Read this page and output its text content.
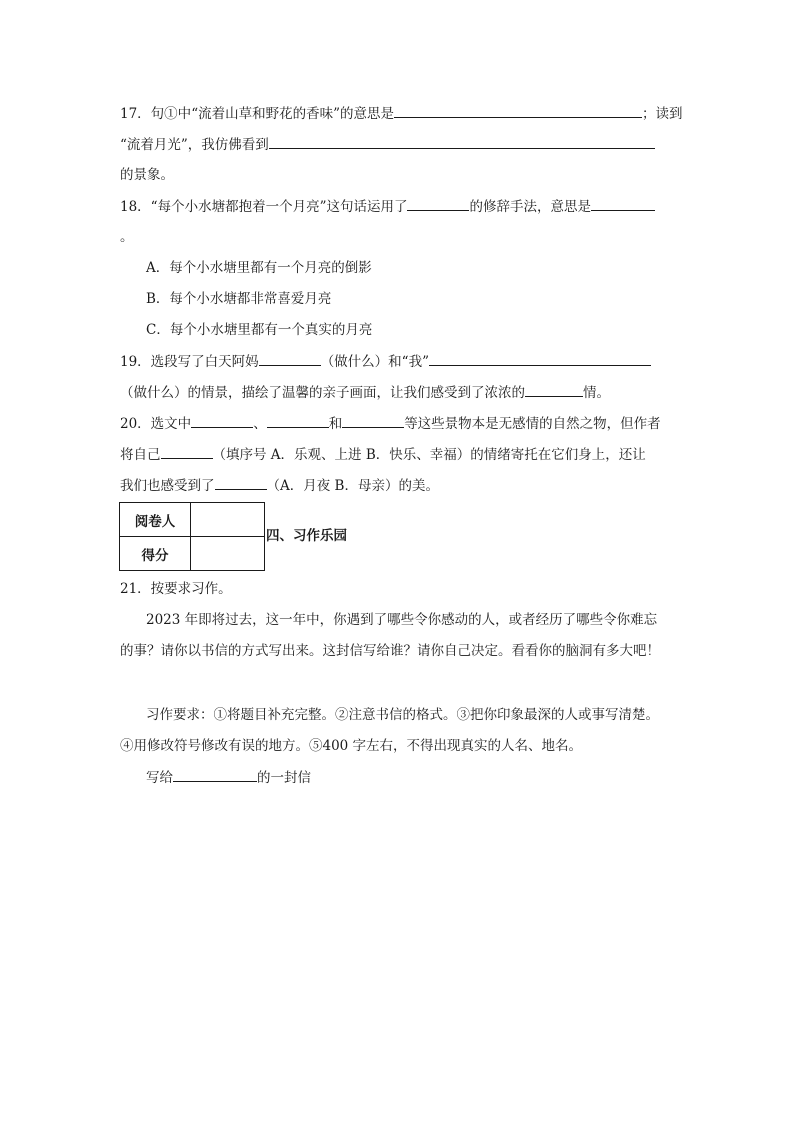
17．句①中“流着山草和野花的香味”的意思是	；读到
“流着月光”，我仿佛看到
的景象。
18．“每个小水塘都抱着一个月亮”这句话运用了	的修辞手法，意思是
。
A．每个小水塘里都有一个月亮的倒影
B．每个小水塘都非常喜爱月亮
C．每个小水塘里都有一个真实的月亮
19．选段写了白天阿妈	（做什么）和“我”
（做什么）的情景，描绘了温馨的亲子画面，让我们感受到了浓浓的	情。
20．选文中	、	和	等这些景物本是无感情的自然之物，但作者
将自己	（填序号 A．乐观、上进 B．快乐、幸福）的情绪寄托在它们身上，还让
我们也感受到了	（A．月夜 B．母亲）的美。
阅卷人	
得分	
四、习作乐园
21．按要求习作。
2023 年即将过去，这一年中，你遇到了哪些令你感动的人，或者经历了哪些令你难忘
的事？请你以书信的方式写出来。这封信写给谁？请你自己决定。看看你的脑洞有多大吧！
习作要求：①将题目补充完整。②注意书信的格式。③把你印象最深的人或事写清楚。
④用修改符号修改有误的地方。⑤400 字左右，不得出现真实的人名、地名。
写给	的一封信
